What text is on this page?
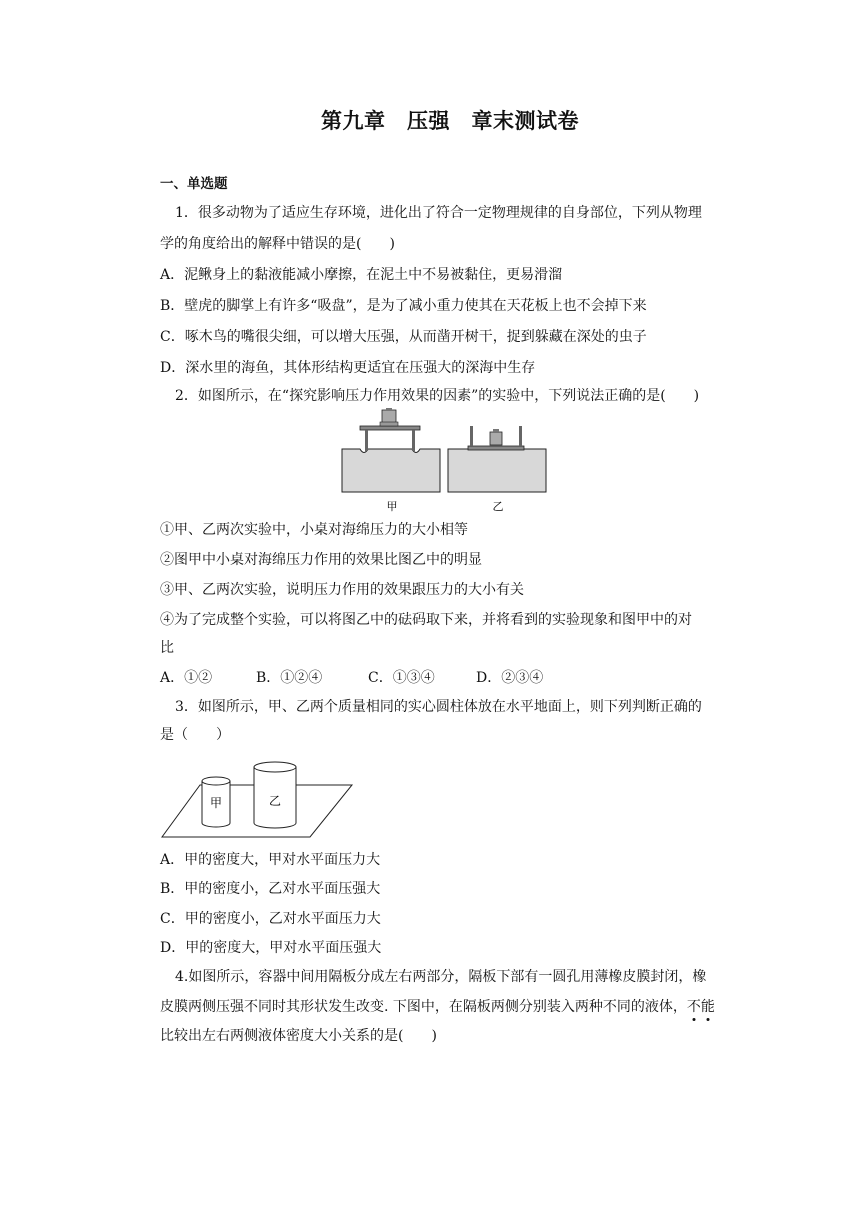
第九章　压强　章末测试卷
一、单选题
1．很多动物为了适应生存环境，进化出了符合一定物理规律的自身部位，下列从物理
学的角度给出的解释中错误的是(　　)
A．泥鳅身上的黏液能减小摩擦，在泥土中不易被黏住，更易滑溜
B．壁虎的脚掌上有许多“吸盘”，是为了减小重力使其在天花板上也不会掉下来
C．啄木鸟的嘴很尖细，可以增大压强，从而凿开树干，捉到躲藏在深处的虫子
D．深水里的海鱼，其体形结构更适宜在压强大的深海中生存
2．如图所示，在“探究影响压力作用效果的因素”的实验中，下列说法正确的是(　　)
甲	乙
①甲、乙两次实验中，小桌对海绵压力的大小相等
②图甲中小桌对海绵压力作用的效果比图乙中的明显
③甲、乙两次实验，说明压力作用的效果跟压力的大小有关
④为了完成整个实验，可以将图乙中的砝码取下来，并将看到的实验现象和图甲中的对
比
A．①②	B．①②④	C．①③④	D．②③④
3．如图所示，甲、乙两个质量相同的实心圆柱体放在水平地面上，则下列判断正确的
是（　　）
甲	乙
A．甲的密度大，甲对水平面压力大
B．甲的密度小，乙对水平面压强大
C．甲的密度小，乙对水平面压力大
D．甲的密度大，甲对水平面压强大
4.如图所示，容器中间用隔板分成左右两部分，隔板下部有一圆孔用薄橡皮膜封闭，橡
皮膜两侧压强不同时其形状发生改变. 下图中，在隔板两侧分别装入两种不同的液体，不能
比较出左右两侧液体密度大小关系的是(　　)
